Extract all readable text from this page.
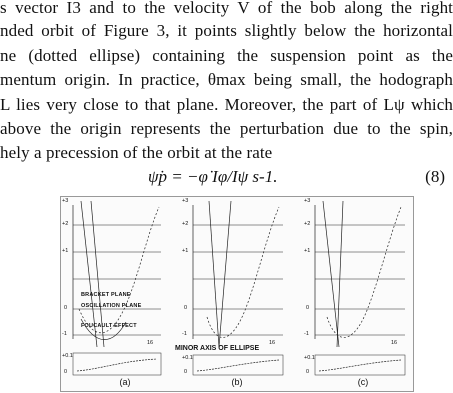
s vector I3 and to the velocity V of the bob along the right
nded orbit of Figure 3, it points slightly below the horizontal
ne (dotted ellipse) containing the suspension point as the
mentum origin. In practice, θmax being small, the hodograph
L lies very close to that plane. Moreover, the part of Lψ which
above the origin represents the perturbation due to the spin,
hely a precession of the orbit at the rate
ψ̇p = −φ̇ Iφ/Iψ s-1.	(8)
BRACKET PLANE
OSCILLATION PLANE
FOUCAULT EFFECT
MINOR AXIS OF ELLIPSE
+3
+2
+1
0
-1
+0.1
0
16
+3
+2
+1
0
-1
+0.1
0
16
+3
+2
+1
0
-1
+0.1
0
16
(a)	(b)	(c)
